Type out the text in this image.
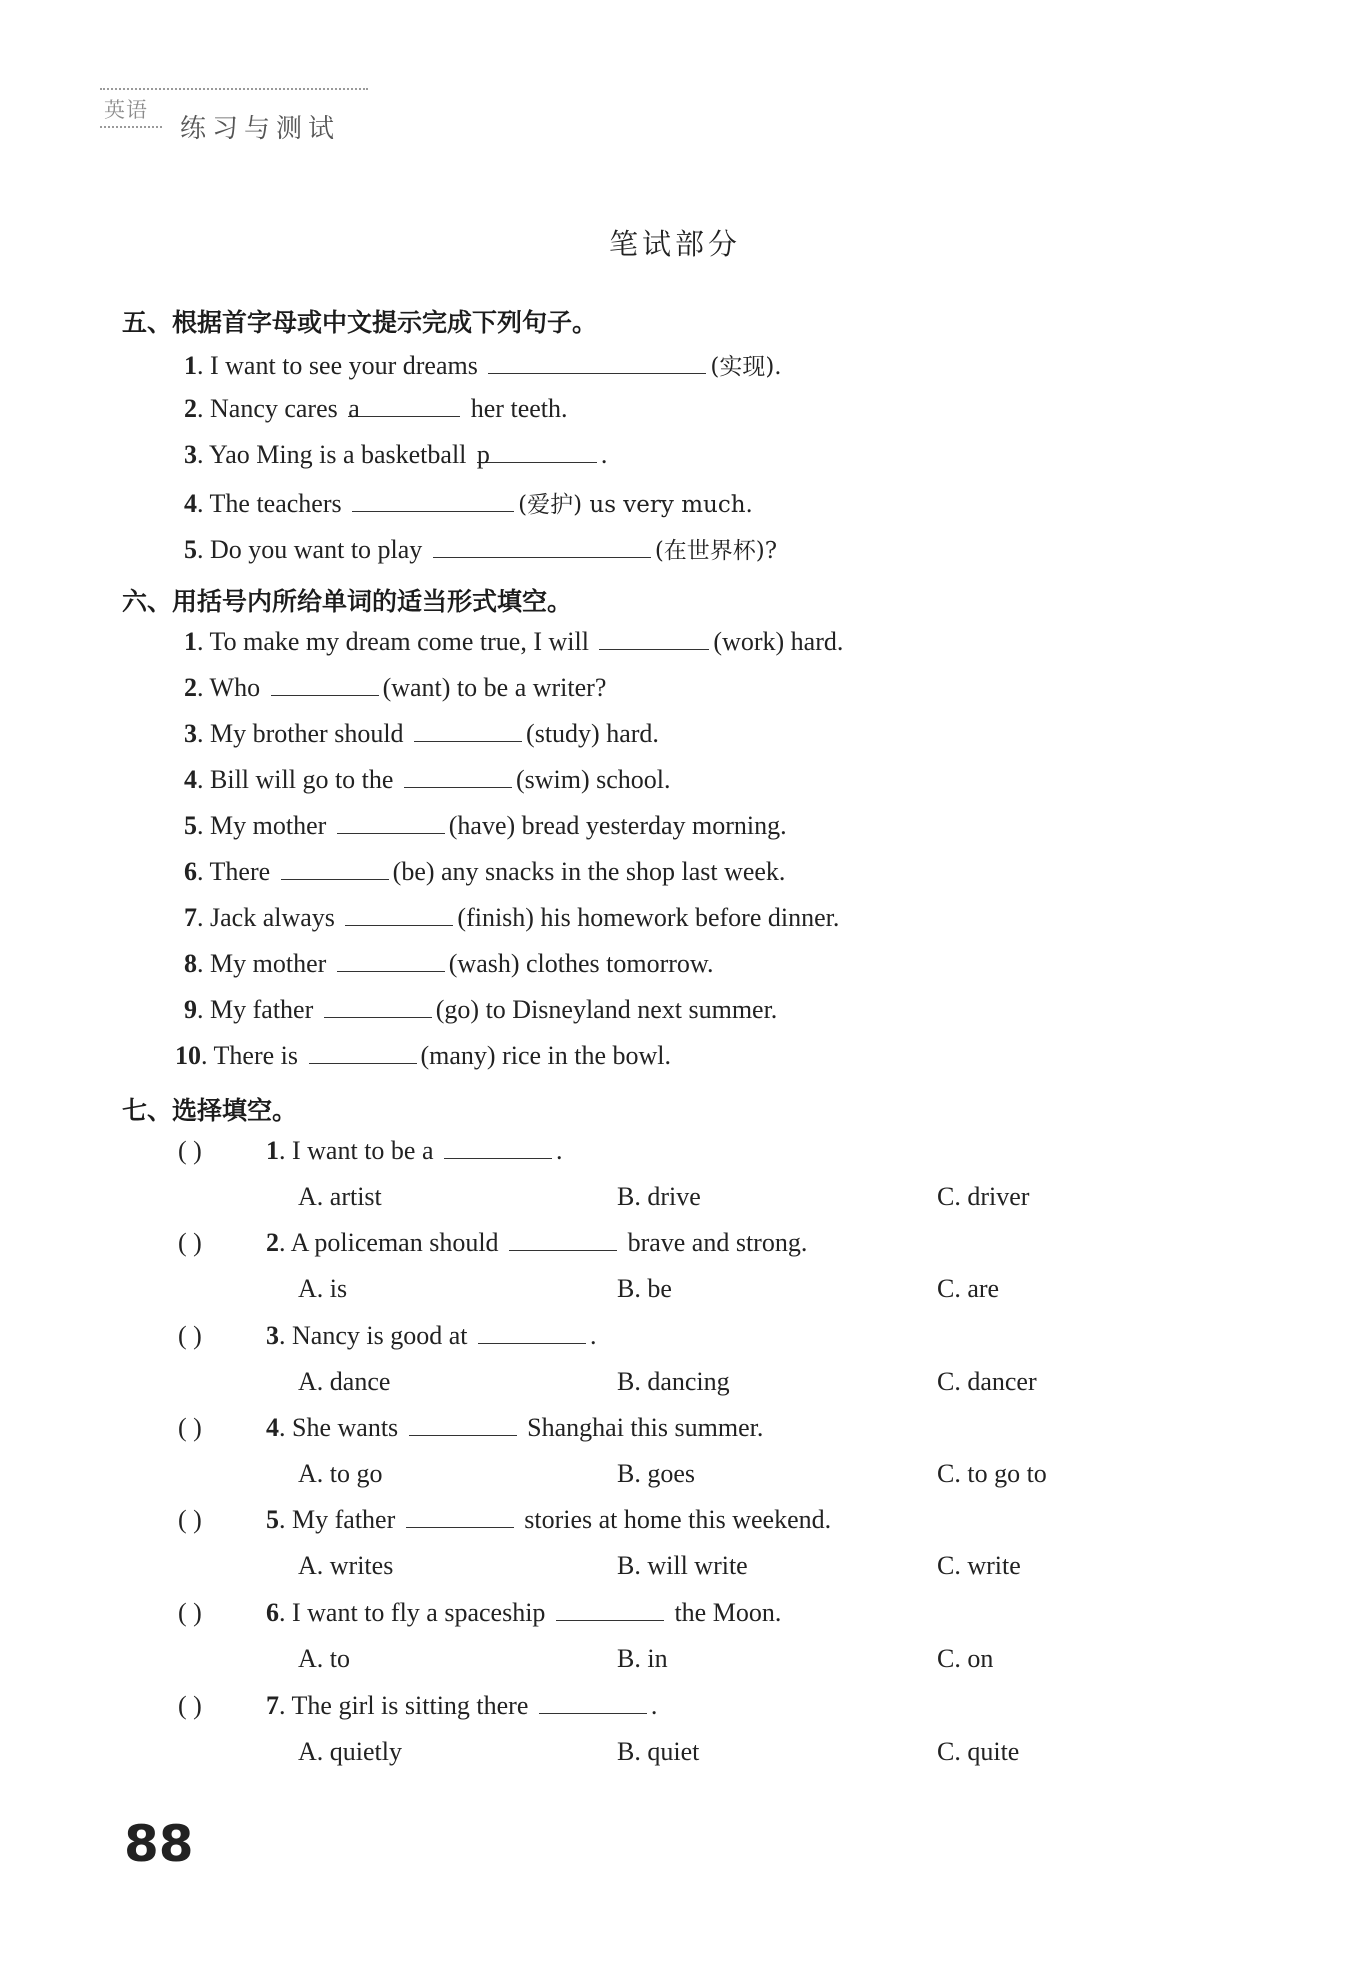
英语
练习与测试
笔试部分
五、根据首字母或中文提示完成下列句子。
1. I want to see your dreams	(实现).
2. Nancy cares a	her teeth.
3. Yao Ming is a basketball p	.
4. The teachers	(爱护) us very much.
5. Do you want to play	(在世界杯)?
六、用括号内所给单词的适当形式填空。
1. To make my dream come true, I will	(work) hard.
2. Who	(want) to be a writer?
3. My brother should	(study) hard.
4. Bill will go to the	(swim) school.
5. My mother	(have) bread yesterday morning.
6. There	(be) any snacks in the shop last week.
7. Jack always	(finish) his homework before dinner.
8. My mother	(wash) clothes tomorrow.
9. My father	(go) to Disneyland next summer.
10. There is	(many) rice in the bowl.
七、选择填空。
( ) 1. I want to be a	.
A. artist	B. drive	C. driver
( ) 2. A policeman should	brave and strong.
A. is	B. be	C. are
( ) 3. Nancy is good at	.
A. dance	B. dancing	C. dancer
( ) 4. She wants	Shanghai this summer.
A. to go	B. goes	C. to go to
( ) 5. My father	stories at home this weekend.
A. writes	B. will write	C. write
( ) 6. I want to fly a spaceship	the Moon.
A. to	B. in	C. on
( ) 7. The girl is sitting there	.
A. quietly	B. quiet	C. quite
88
